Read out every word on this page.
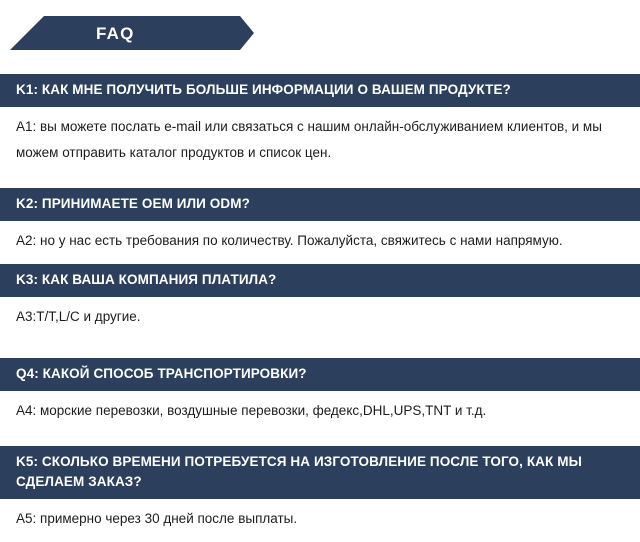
FAQ
K1: КАК МНЕ ПОЛУЧИТЬ БОЛЬШЕ ИНФОРМАЦИИ О ВАШЕМ ПРОДУКТЕ?
A1: вы можете послать e-mail или связаться с нашим онлайн-обслуживанием клиентов, и мы можем отправить каталог продуктов и список цен.
K2: ПРИНИМАЕТЕ OEM ИЛИ ODM?
A2: но у нас есть требования по количеству. Пожалуйста, свяжитесь с нами напрямую.
K3: КАК ВАША КОМПАНИЯ ПЛАТИЛА?
A3:T/T,L/C и другие.
Q4: КАКОЙ СПОСОБ ТРАНСПОРТИРОВКИ?
A4: морские перевозки, воздушные перевозки, федекс,DHL,UPS,TNT и т.д.
K5: СКОЛЬКО ВРЕМЕНИ ПОТРЕБУЕТСЯ НА ИЗГОТОВЛЕНИЕ ПОСЛЕ ТОГО, КАК МЫ СДЕЛАЕМ ЗАКАЗ?
A5: примерно через 30 дней после выплаты.
